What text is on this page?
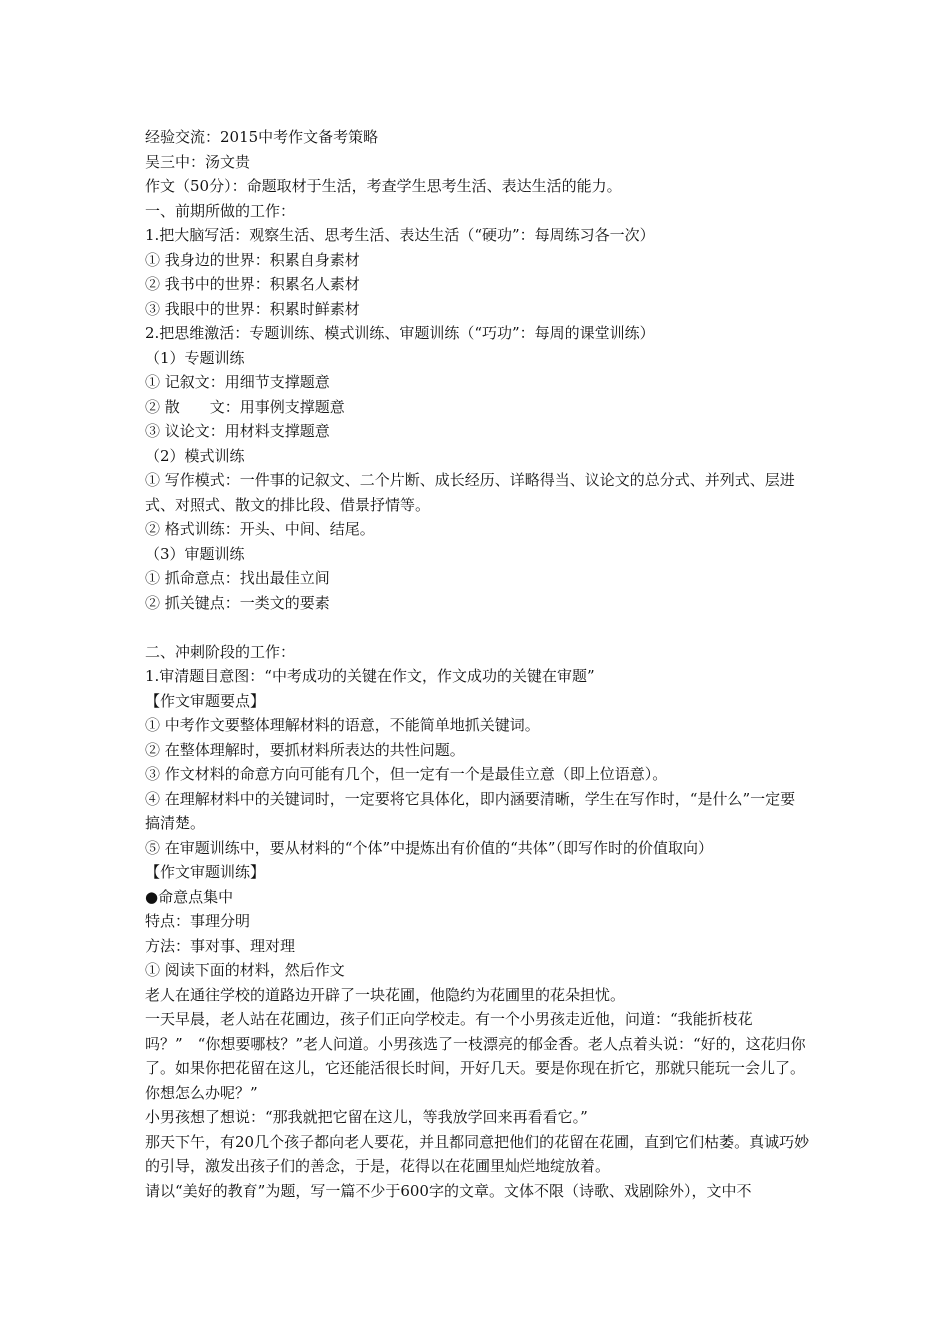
经验交流：2015中考作文备考策略

吴三中：汤文贵

作文（50分）：命题取材于生活，考查学生思考生活、表达生活的能力。

一、前期所做的工作：

1.把大脑写活：观察生活、思考生活、表达生活（“硬功”：每周练习各一次）

① 我身边的世界：积累自身素材

② 我书中的世界：积累名人素材

③ 我眼中的世界：积累时鲜素材

2.把思维激活：专题训练、模式训练、审题训练（“巧功”：每周的课堂训练）

（1）专题训练

① 记叙文：用细节支撑题意

② 散　　文：用事例支撑题意

③ 议论文：用材料支撑题意

（2）模式训练

① 写作模式：一件事的记叙文、二个片断、成长经历、详略得当、议论文的总分式、并列式、层进式、对照式、散文的排比段、借景抒情等。

② 格式训练：开头、中间、结尾。

（3）审题训练

① 抓命意点：找出最佳立间

② 抓关键点：一类文的要素

二、冲刺阶段的工作：

1.审清题目意图：“中考成功的关键在作文，作文成功的关键在审题”

【作文审题要点】

① 中考作文要整体理解材料的语意，不能简单地抓关键词。

② 在整体理解时，要抓材料所表达的共性问题。

③ 作文材料的命意方向可能有几个，但一定有一个是最佳立意（即上位语意）。

④ 在理解材料中的关键词时，一定要将它具体化，即内涵要清晰，学生在写作时，“是什么”一定要搞清楚。

⑤ 在审题训练中，要从材料的“个体”中提炼出有价值的“共体”（即写作时的价值取向）

【作文审题训练】

●命意点集中

特点：事理分明

方法：事对事、理对理

① 阅读下面的材料，然后作文

老人在通往学校的道路边开辟了一块花圃，他隐约为花圃里的花朵担忧。

一天早晨，老人站在花圃边，孩子们正向学校走。有一个小男孩走近他，问道：“我能折枝花吗？”　“你想要哪枝？”老人问道。小男孩选了一枝漂亮的郁金香。老人点着头说：“好的，这花归你了。如果你把花留在这儿，它还能活很长时间，开好几天。要是你现在折它，那就只能玩一会儿了。你想怎么办呢？”

小男孩想了想说：“那我就把它留在这儿，等我放学回来再看看它。”

那天下午，有20几个孩子都向老人要花，并且都同意把他们的花留在花圃，直到它们枯萎。真诚巧妙的引导，激发出孩子们的善念，于是，花得以在花圃里灿烂地绽放着。

请以“美好的教育”为题，写一篇不少于600字的文章。文体不限（诗歌、戏剧除外），文中不
